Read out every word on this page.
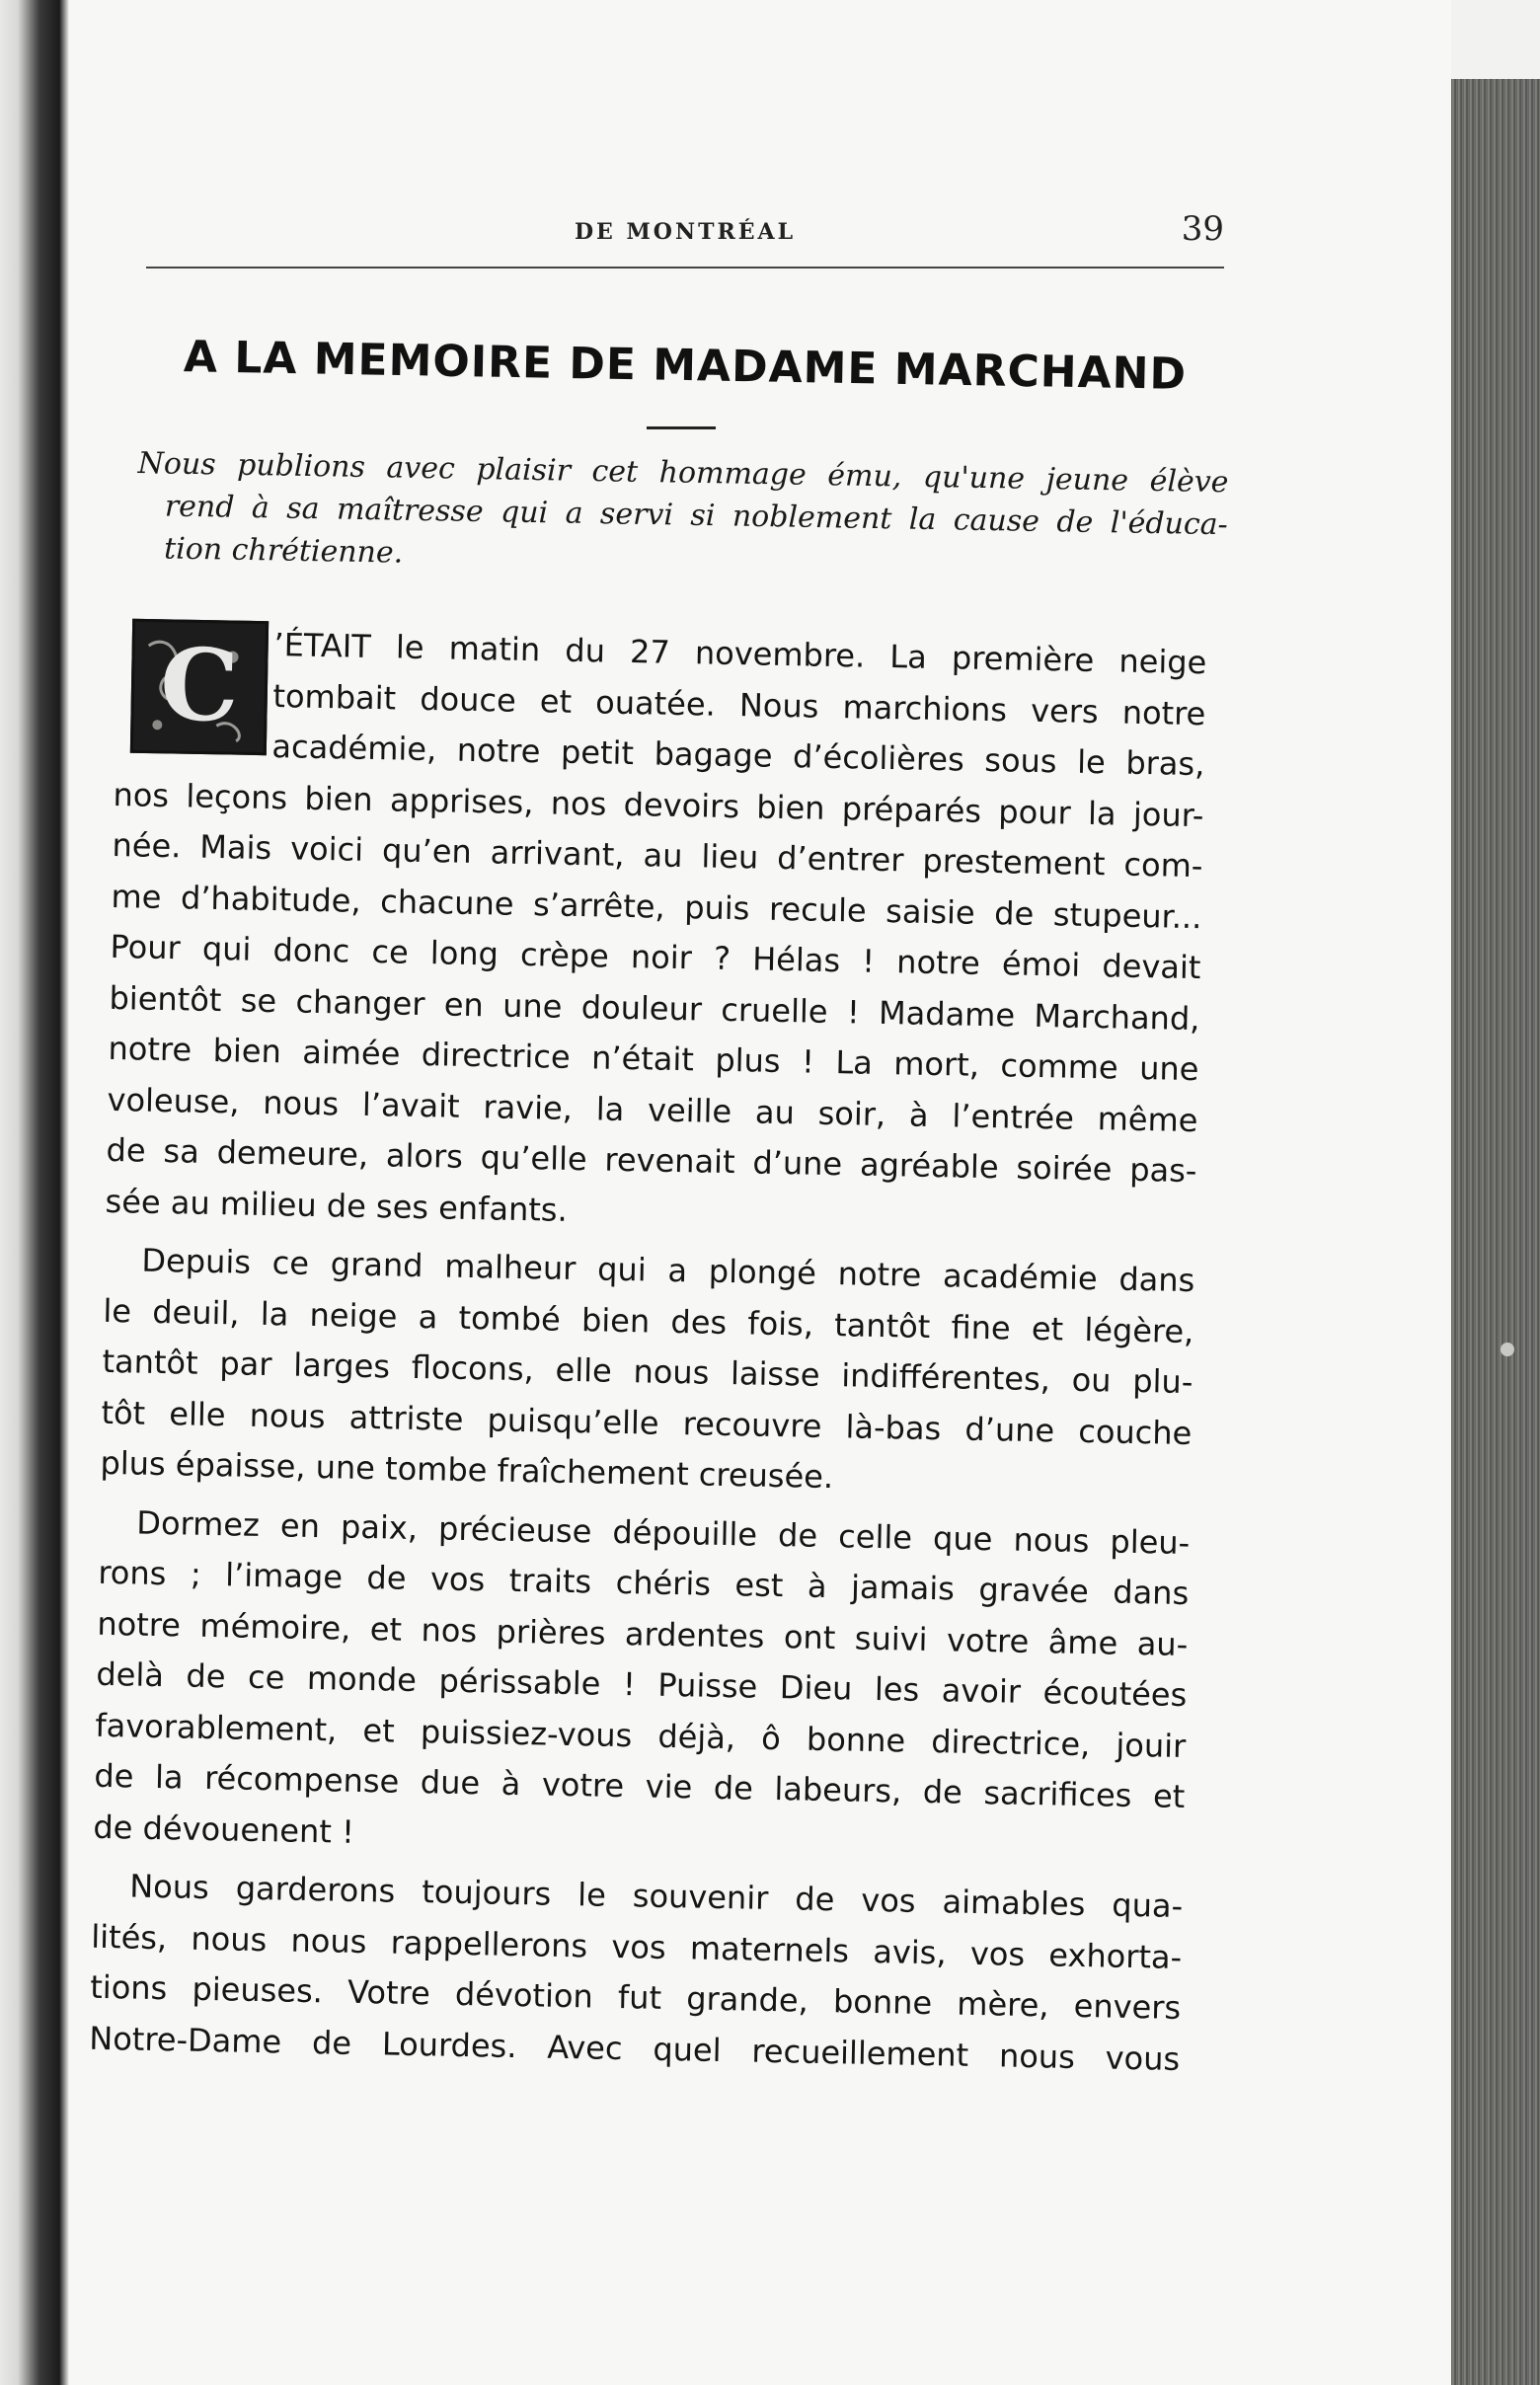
DE MONTRÉAL	39
A LA MEMOIRE DE MADAME MARCHAND
Nous publions avec plaisir cet hommage ému, qu'une jeune élève
rend à sa maîtresse qui a servi si noblement la cause de l'éduca-
tion chrétienne.
C	’ÉTAIT le matin du 27 novembre. La première neige
tombait douce et ouatée. Nous marchions vers notre
académie, notre petit bagage d’écolières sous le bras,
nos leçons bien apprises, nos devoirs bien préparés pour la jour-
née. Mais voici qu’en arrivant, au lieu d’entrer prestement com-
me d’habitude, chacune s’arrête, puis recule saisie de stupeur...
Pour qui donc ce long crèpe noir ? Hélas ! notre émoi devait
bientôt se changer en une douleur cruelle ! Madame Marchand,
notre bien aimée directrice n’était plus ! La mort, comme une
voleuse, nous l’avait ravie, la veille au soir, à l’entrée même
de sa demeure, alors qu’elle revenait d’une agréable soirée pas-
sée au milieu de ses enfants.
Depuis ce grand malheur qui a plongé notre académie dans
le deuil, la neige a tombé bien des fois, tantôt fine et légère,
tantôt par larges flocons, elle nous laisse indifférentes, ou plu-
tôt elle nous attriste puisqu’elle recouvre là-bas d’une couche
plus épaisse, une tombe fraîchement creusée.
Dormez en paix, précieuse dépouille de celle que nous pleu-
rons ; l’image de vos traits chéris est à jamais gravée dans
notre mémoire, et nos prières ardentes ont suivi votre âme au-
delà de ce monde périssable ! Puisse Dieu les avoir écoutées
favorablement, et puissiez-vous déjà, ô bonne directrice, jouir
de la récompense due à votre vie de labeurs, de sacrifices et
de dévouenent !
Nous garderons toujours le souvenir de vos aimables qua-
lités, nous nous rappellerons vos maternels avis, vos exhorta-
tions pieuses. Votre dévotion fut grande, bonne mère, envers
Notre-Dame de Lourdes. Avec quel recueillement nous vous
